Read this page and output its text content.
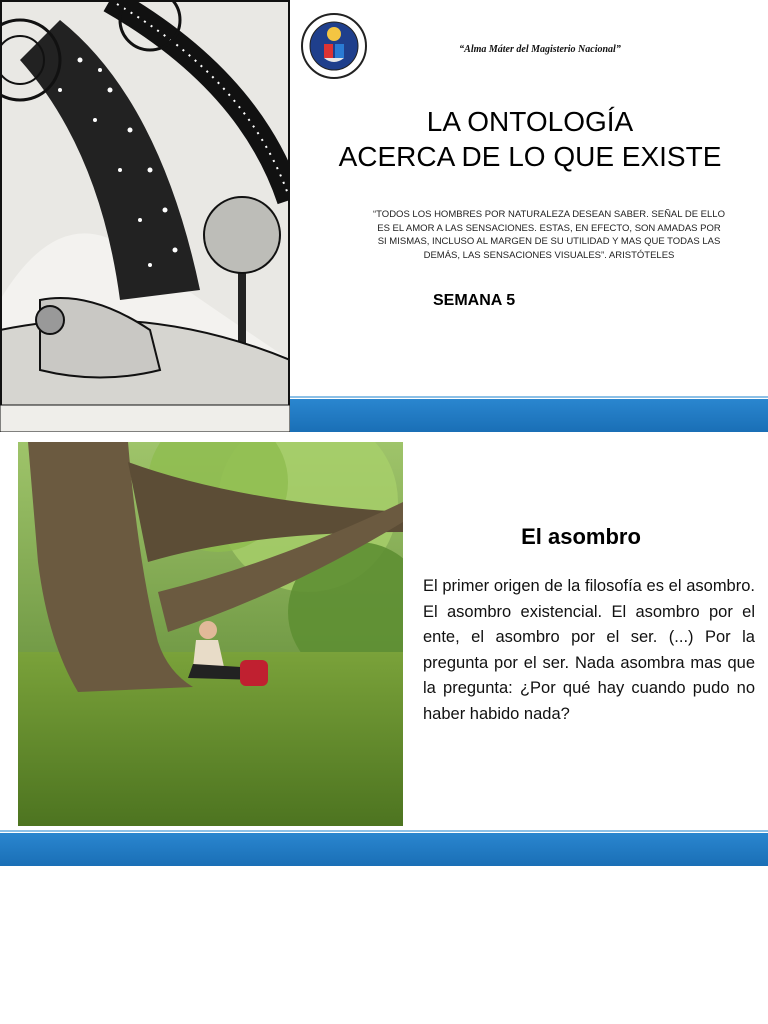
“Alma Máter del Magisterio Nacional”
LA ONTOLOGÍA
ACERCA DE LO QUE EXISTE

“TODOS LOS HOMBRES POR NATURALEZA DESEAN SABER. SEÑAL DE ELLO ES EL AMOR A LAS SENSACIONES. ESTAS, EN EFECTO, SON AMADAS POR SI MISMAS, INCLUSO AL MARGEN DE SU UTILIDAD Y MAS QUE TODAS LAS DEMÁS, LAS SENSACIONES VISUALES”. ARISTÓTELES

SEMANA 5
El asombro

El primer origen de la filosofía es el asombro. El asombro existencial. El asombro por el ente, el asombro por el ser. (...) Por la pregunta por el ser. Nada asombra mas que la pregunta: ¿Por qué hay cuando pudo no haber habido nada?
